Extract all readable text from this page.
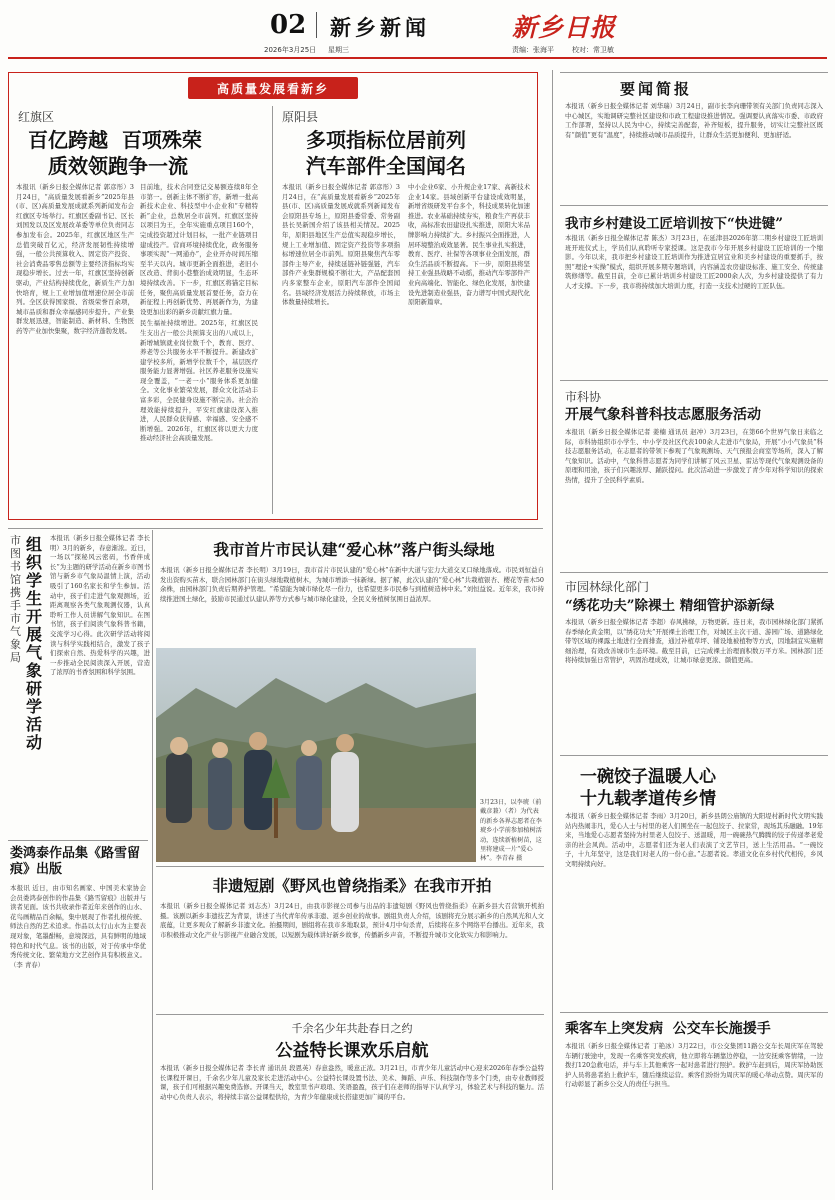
02 新乡新闻	新乡日报
2026年3月25日 星期三	责编：张海平	校对：常卫敏
高质量发展看新乡
红旗区
百亿跨越  百项殊荣
质效领跑争一流
本报讯（新乡日报全媒体记者 郭彦彤）3月24日，“高质量发展看新乡”2025年县(市、区)高质量发展成就系列新闻发布会红旗区专场举行。红旗区委副书记、区长刘国发以及区发展改革委等单位负责同志参加发布会。2025年，红旗区地区生产总值突破百亿元，经济发展韧性持续增强，一般公共预算收入、固定资产投资、社会消费品零售总额等主要经济指标均实现稳步增长。过去一年，红旗区坚持创新驱动，产业结构持续优化，新质生产力加快培育，规上工业增加值增速位居全市前列。全区获得国家级、省级荣誉百余项，城市品质和群众幸福感同步提升。产业集群发展迅速，智能制造、新材料、生物医药等产业加快集聚，数字经济蓬勃发展。
目前地，技术合同登记交易额连续8年全市第一。创新主体不断扩容，新增一批高新技术企业、科技型中小企业和“专精特新”企业，总数居全市前列。红旗区坚持以项目为王，全年实施重点项目160个，完成投资超过计划目标，一批产业链项目建成投产。营商环境持续优化，政务服务事项实现“一网通办”，企业开办时间压缩至半天以内。城市更新全面推进，老旧小区改造、背街小巷整治成效明显，生态环境持续改善。下一步，红旗区将锚定目标任务，聚焦高质量发展首要任务，奋力在新征程上再创新优势、再展新作为，为建设更加出彩的新乡贡献红旗力量。
民生福祉持续增进。2025年，红旗区民生支出占一般公共预算支出的八成以上，新增城镇就业岗位数千个，教育、医疗、养老等公共服务水平不断提升。新建改扩建学校多所，新增学位数千个，基层医疗服务能力显著增强。社区养老服务设施实现全覆盖，“一老一小”服务体系更加健全。文化事业繁荣发展，群众文化活动丰富多彩，全民健身设施不断完善。社会治理效能持续提升，平安红旗建设深入推进，人民群众获得感、幸福感、安全感不断增强。2026年，红旗区将以更大力度推动经济社会高质量发展。
原阳县
多项指标位居前列
汽车部件全国闻名
本报讯（新乡日报全媒体记者 郭彦彤）3月24日，在“高质量发展看新乡”2025年县(市、区)高质量发展成就系列新闻发布会原阳县专场上，原阳县委常委、常务副县长吴新国介绍了该县相关情况。2025年，原阳县地区生产总值实现稳步增长，规上工业增加值、固定资产投资等多项指标增速位居全市前列。原阳县聚焦汽车零部件主导产业，持续延链补链强链，汽车部件产业集群规模不断壮大，产品配套国内多家整车企业，原阳汽车部件全国闻名。县域经济发展活力持续释放，市场主体数量持续增长。
中小企业6家、小升规企业17家、高新技术企业14家。县域创新平台建设成效明显，新增省级研发平台多个，科技成果转化加速推进。农业基础持续夯实，粮食生产再获丰收，高标准农田建设扎实推进，原阳大米品牌影响力持续扩大。乡村振兴全面推进，人居环境整治成效显著。民生事业扎实推进，教育、医疗、社保等各项事业全面发展，群众生活品质不断提高。下一步，原阳县将坚持工业强县战略不动摇，推动汽车零部件产业向高端化、智能化、绿色化发展，加快建设先进制造业强县，奋力谱写中国式现代化原阳新篇章。
要闻简报
本报讯（新乡日报全媒体记者 刘华瑞）3月24日，副市长李向珊带领有关部门负责同志深入中心城区，实地调研完整社区建设和市政工程建设推进情况。强调要认真落实市委、市政府工作部署，坚持以人民为中心，持续完善配套，补齐短板，提升服务，切实让完整社区既有“颜值”更有“温度”，持续推动城市品质提升，让群众生活更加便利、更加舒适。
我市乡村建设工匠培训按下“快进键”
本报讯（新乡日报全媒体记者 陈杰）3月23日，在延津县2026年第二期乡村建设工匠培训班开班仪式上，学员们认真聆听专家授课。这是我市今年开展乡村建设工匠培训的一个缩影。今年以来，我市把乡村建设工匠培训作为推进宜居宜业和美乡村建设的重要抓手，按照“理论+实操”模式，组织开展多期专题培训，内容涵盖农房建设标准、施工安全、传统建筑修缮等。截至目前，全市已累计培训乡村建设工匠2000余人次，为乡村建设提供了有力人才支撑。下一步，我市将持续加大培训力度，打造一支技术过硬的工匠队伍。
市科协
开展气象科普科技志愿服务活动
本报讯（新乡日报全媒体记者 姜楠 通讯员 赵冲）3月23日，在第66个世界气象日来临之际，市科协组织市小学生、中小学及社区代表100余人走进市气象局，开展“小小气象员”科技志愿服务活动，在志愿者的带领下参观了气象观测场、天气预报会商室等场所，深入了解气象知识。活动中，气象科普志愿者为同学们讲解了风云卫星、雷达等现代气象观测设备的原理和用途，孩子们兴趣浓厚、踊跃提问。此次活动进一步激发了青少年对科学知识的探索热情，提升了全民科学素质。
市园林绿化部门
“绣花功夫”除裸土 精细管护添新绿
本报讯（新乡日报全媒体记者 李超）春风拂绿，万物更新。连日来，我市园林绿化部门紧抓春季绿化黄金期，以“绣花功夫”开展裸土治理工作，对城区主次干道、游园广场、道路绿化带等区域的裸露土地进行全面排查，通过补植草坪、铺设地被植物等方式，因地制宜实施精细治理，有效改善城市生态环境。截至目前，已完成裸土治理面积数万平方米。园林部门还将持续加强日常管护，巩固治理成效，让城市绿意更浓、颜值更高。
一碗饺子温暖人心
十九载孝道传乡情
本报讯（新乡日报全媒体记者 李雨）3月20日，新乡县朗公庙镇的大阳堤村新时代文明实践站内热闹非凡，爱心人士与村里的老人们围坐在一起包饺子、拉家常，现场其乐融融。19年来，当地爱心志愿者坚持为村里老人包饺子、送温暖，用一碗碗热气腾腾的饺子传递孝老爱亲的社会风尚。活动中，志愿者们还为老人们表演了文艺节目，送上生活用品。“一碗饺子，十九年坚守，这是我们对老人的一份心意。”志愿者说。孝道文化在乡村代代相传，乡风文明持续向好。
乘客车上突发病  公交车长施援手
本报讯（新乡日报全媒体记者 丁艳冰）3月22日，市公交集团11路公交车长周庆军在驾驶车辆行驶途中，发现一名乘客突发疾病，他立即将车辆靠边停稳，一边安抚乘客情绪，一边拨打120急救电话，并与车上其他乘客一起对患者进行照护。救护车赶到后，周庆军协助医护人员将患者抬上救护车，随后继续运营。乘客们纷纷为周庆军的暖心举动点赞。周庆军的行动彰显了新乡公交人的责任与担当。
市图书馆携手市气象局
组织学生开展气象研学活动
本报讯（新乡日报全媒体记者 李长明）3月的新乡，春意渐浓。近日，一场以“探秘风云密码，书香伴成长”为主题的研学活动在新乡市图书馆与新乡市气象局温情上演，活动吸引了160名家长和学生参加。活动中，孩子们走进气象观测场，近距离观察各类气象观测仪器，认真聆听工作人员讲解气象知识。在图书馆，孩子们阅读气象科普书籍，交流学习心得。此次研学活动将阅读与科学实践相结合，激发了孩子们探索自然、热爱科学的兴趣，进一步推动全民阅读深入开展，营造了浓厚的书香氛围和科学氛围。
娄鸿泰作品集《路雪留痕》出版
本报讯 近日，由市知名画家、中国美术家协会会员娄鸿泰创作的作品集《路雪留痕》出版并与读者见面。该书共收录作者近年来创作的山水、花鸟画精品百余幅，集中展现了作者扎根传统、师法自然的艺术追求。作品以太行山水为主要表现对象，笔墨酣畅，意境深远，具有鲜明的地域特色和时代气息。该书的出版，对于传承中华优秀传统文化、繁荣地方文艺创作具有积极意义。（李 青春）
我市首片市民认建“爱心林”落户街头绿地
本报讯（新乡日报全媒体记者 李长明）3月19日，我市首片市民认建的“爱心林”在新中大道与宏力大道交叉口绿地落成。市民刘恒益自发出资购买苗木，联合园林部门在街头绿地栽植树木，为城市增添一抹新绿。据了解，此次认建的“爱心林”共栽植银杏、樱花等苗木50余株，由园林部门负责后期养护管理。“希望能为城市绿化尽一份力，也希望更多市民参与到植树造林中来。”刘恒益说。近年来，我市持续推进国土绿化，鼓励市民通过认建认养等方式参与城市绿化建设，全民义务植树氛围日益浓厚。
3月23日，以李琥（前戴彦兼）（者）为代表的新乡各界志愿者在李琥乡小学前参加植树活动，连续新植树苗，这里将建成一片“爱心林”。李青春 摄
非遗短剧《野风也曾绕指柔》在我市开拍
本报讯（新乡日报全媒体记者 刘志杰）3月24日，由我市影视公司参与出品的非遗短剧《野风也曾绕指柔》在新乡县大召营镇开机拍摄。该剧以新乡非遗技艺为背景，讲述了当代青年传承非遗、返乡创业的故事。剧组负责人介绍，该剧将充分展示新乡的自然风光和人文底蕴，让更多观众了解新乡非遗文化。拍摄期间，剧组将在我市多地取景，预计4月中旬杀青，后续将在多个网络平台播出。近年来，我市积极推动文化产业与影视产业融合发展，以短剧为载体讲好新乡故事，传播新乡声音，不断提升城市文化软实力和影响力。
千余名少年共赴春日之约
公益特长课欢乐启航
本报讯（新乡日报全媒体记者 李长青 通讯员 段恩英）春意盎然，暖意正浓。3月21日，市青少年儿童活动中心迎来2026年春季公益特长课程开课日，千余名少年儿童及家长走进活动中心。公益特长课设置书法、美术、舞蹈、声乐、科技制作等多个门类，由专业教师授课，孩子们可根据兴趣免费选修。开课当天，教室里书声琅琅、笑语盈盈，孩子们在老师的指导下认真学习，体验艺术与科技的魅力。活动中心负责人表示，将持续丰富公益课程供给，为青少年健康成长搭建更加广阔的平台。
